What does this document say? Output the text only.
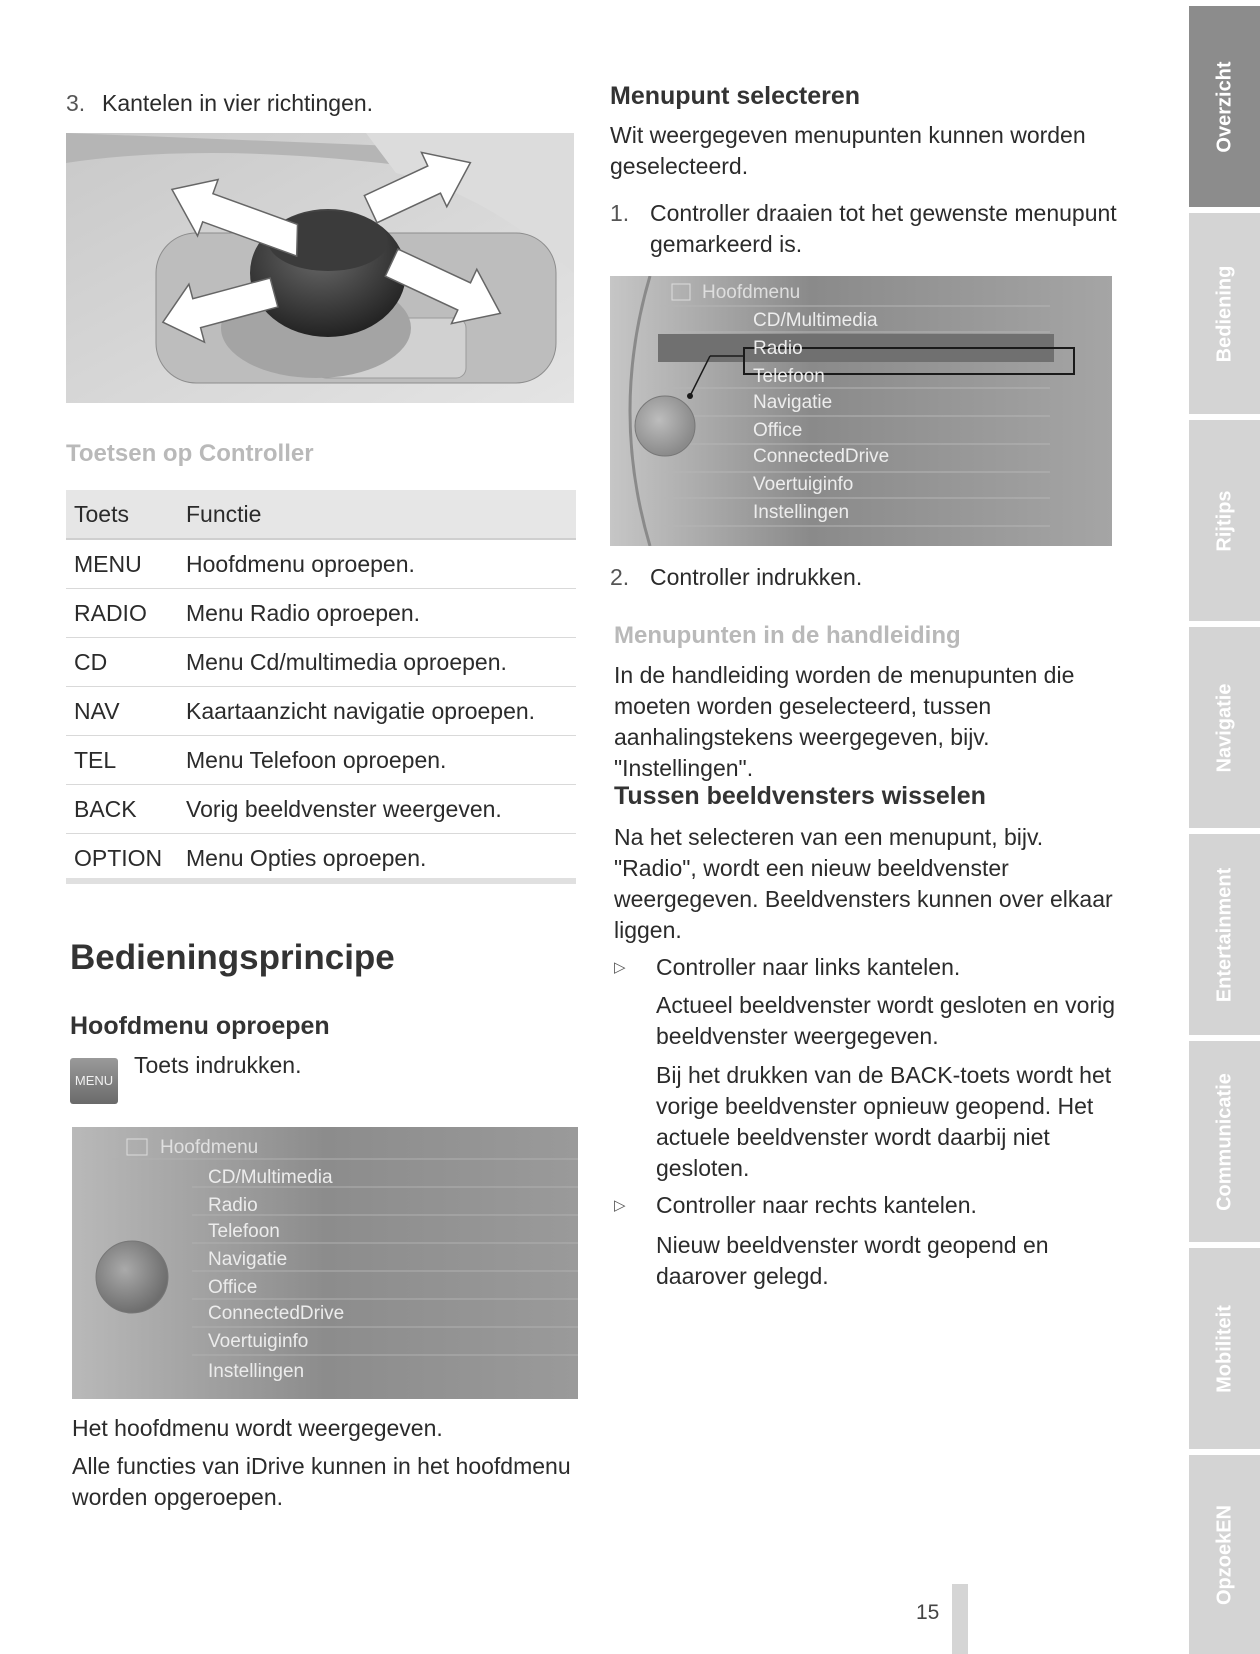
3. Kantelen in vier richtingen.
Toetsen op Controller
Toets	Functie
MENU	Hoofdmenu oproepen.
RADIO	Menu Radio oproepen.
CD	Menu Cd/multimedia oproepen.
NAV	Kaartaanzicht navigatie oproepen.
TEL	Menu Telefoon oproepen.
BACK	Vorig beeldvenster weergeven.
OPTION	Menu Opties oproepen.
Bedieningsprincipe
Hoofdmenu oproepen
MENU
Toets indrukken.
Hoofdmenu
CD/Multimedia
Radio
Telefoon
Navigatie
Office
ConnectedDrive
Voertuiginfo
Instellingen
Het hoofdmenu wordt weergegeven.
Alle functies van iDrive kunnen in het hoofdmenu worden opgeroepen.
Menupunt selecteren
Wit weergegeven menupunten kunnen worden geselecteerd.
1. Controller draaien tot het gewenste menupunt gemarkeerd is.
Hoofdmenu
CD/Multimedia
Radio
Telefoon
Navigatie
Office
ConnectedDrive
Voertuiginfo
Instellingen
2. Controller indrukken.
Menupunten in de handleiding
In de handleiding worden de menupunten die moeten worden geselecteerd, tussen aanhalingstekens weergegeven, bijv. "Instellingen".
Tussen beeldvensters wisselen
Na het selecteren van een menupunt, bijv. "Radio", wordt een nieuw beeldvenster weergegeven. Beeldvensters kunnen over elkaar liggen.
▷ Controller naar links kantelen.
Actueel beeldvenster wordt gesloten en vorig beeldvenster weergegeven.
Bij het drukken van de BACK-toets wordt het vorige beeldvenster opnieuw geopend. Het actuele beeldvenster wordt daarbij niet gesloten.
▷ Controller naar rechts kantelen.
Nieuw beeldvenster wordt geopend en daarover gelegd.
15
Overzicht
Bediening
Rijtips
Navigatie
Entertainment
Communicatie
Mobiliteit
OpzoekEN
